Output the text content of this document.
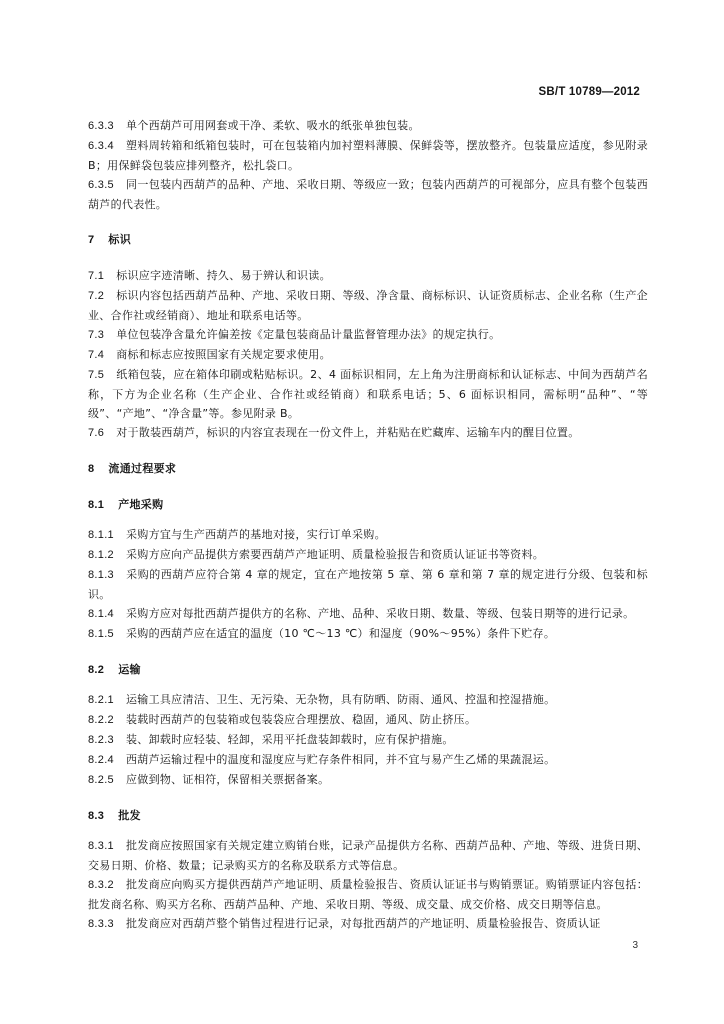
SB/T 10789—2012
6.3.3 单个西葫芦可用网套或干净、柔软、吸水的纸张单独包装。
6.3.4 塑料周转箱和纸箱包装时，可在包装箱内加衬塑料薄膜、保鲜袋等，摆放整齐。包装量应适度，参见附录 B；用保鲜袋包装应排列整齐，松扎袋口。
6.3.5 同一包装内西葫芦的品种、产地、采收日期、等级应一致；包装内西葫芦的可视部分，应具有整个包装西葫芦的代表性。
7 标识
7.1 标识应字迹清晰、持久、易于辨认和识读。
7.2 标识内容包括西葫芦品种、产地、采收日期、等级、净含量、商标标识、认证资质标志、企业名称（生产企业、合作社或经销商）、地址和联系电话等。
7.3 单位包装净含量允许偏差按《定量包装商品计量监督管理办法》的规定执行。
7.4 商标和标志应按照国家有关规定要求使用。
7.5 纸箱包装，应在箱体印刷或粘贴标识。2、4 面标识相同，左上角为注册商标和认证标志、中间为西葫芦名称，下方为企业名称（生产企业、合作社或经销商）和联系电话；5、6 面标识相同，需标明“品种”、“等级”、“产地”、“净含量”等。参见附录 B。
7.6 对于散装西葫芦，标识的内容宜表现在一份文件上，并粘贴在贮藏库、运输车内的醒目位置。
8 流通过程要求
8.1 产地采购
8.1.1 采购方宜与生产西葫芦的基地对接，实行订单采购。
8.1.2 采购方应向产品提供方索要西葫芦产地证明、质量检验报告和资质认证证书等资料。
8.1.3 采购的西葫芦应符合第 4 章的规定，宜在产地按第 5 章、第 6 章和第 7 章的规定进行分级、包装和标识。
8.1.4 采购方应对每批西葫芦提供方的名称、产地、品种、采收日期、数量、等级、包装日期等的进行记录。
8.1.5 采购的西葫芦应在适宜的温度（10 ℃～13 ℃）和湿度（90%～95%）条件下贮存。
8.2 运输
8.2.1 运输工具应清洁、卫生、无污染、无杂物，具有防晒、防雨、通风、控温和控湿措施。
8.2.2 装载时西葫芦的包装箱或包装袋应合理摆放、稳固，通风、防止挤压。
8.2.3 装、卸载时应轻装、轻卸，采用平托盘装卸载时，应有保护措施。
8.2.4 西葫芦运输过程中的温度和湿度应与贮存条件相同，并不宜与易产生乙烯的果蔬混运。
8.2.5 应做到物、证相符，保留相关票据备案。
8.3 批发
8.3.1 批发商应按照国家有关规定建立购销台账，记录产品提供方名称、西葫芦品种、产地、等级、进货日期、交易日期、价格、数量；记录购买方的名称及联系方式等信息。
8.3.2 批发商应向购买方提供西葫芦产地证明、质量检验报告、资质认证证书与购销票证。购销票证内容包括：批发商名称、购买方名称、西葫芦品种、产地、采收日期、等级、成交量、成交价格、成交日期等信息。
8.3.3 批发商应对西葫芦整个销售过程进行记录，对每批西葫芦的产地证明、质量检验报告、资质认证
3
